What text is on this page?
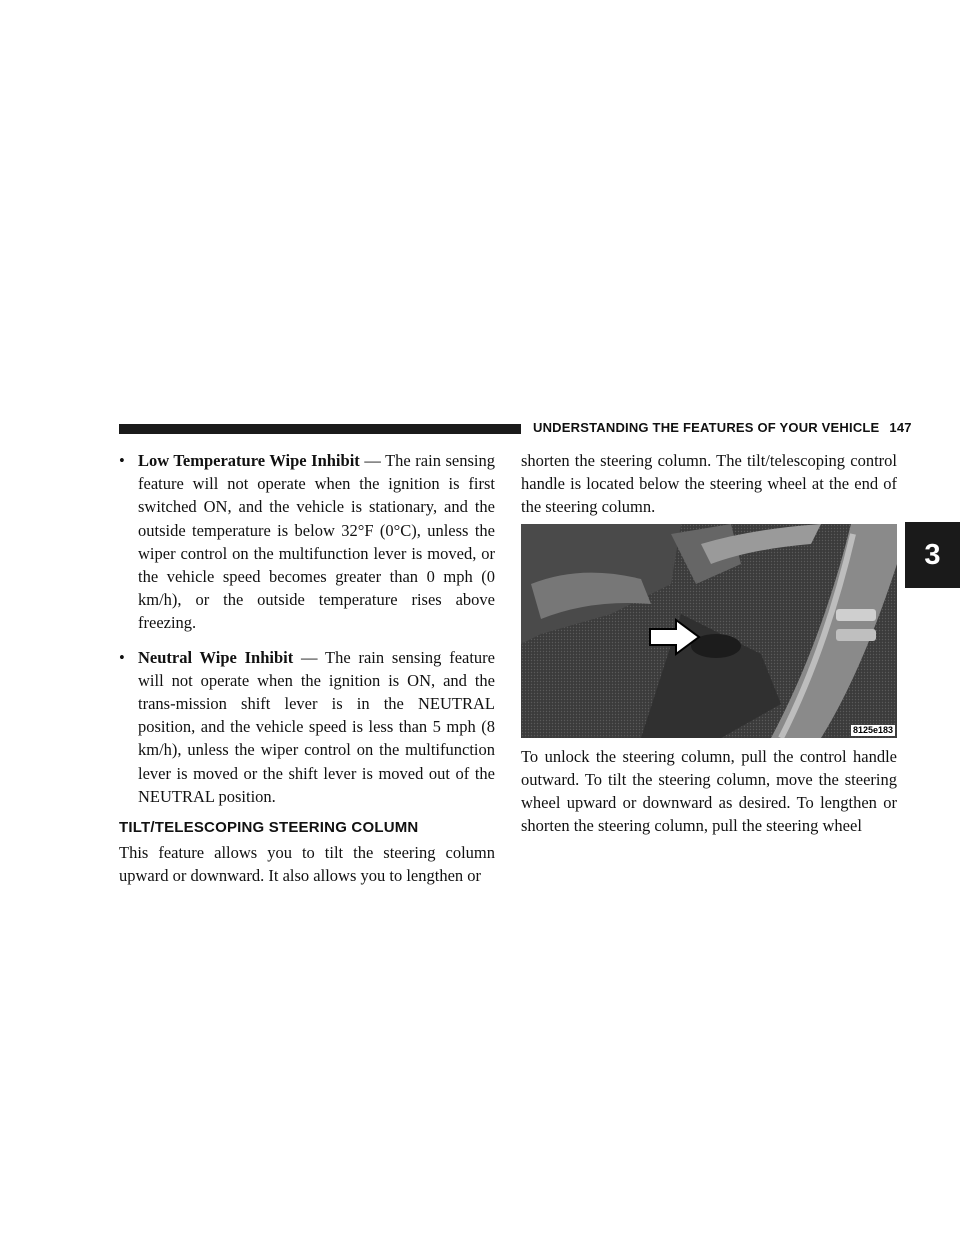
UNDERSTANDING THE FEATURES OF YOUR VEHICLE 147
3

• Low Temperature Wipe Inhibit — The rain sensing feature will not operate when the ignition is first switched ON, and the vehicle is stationary, and the outside temperature is below 32°F (0°C), unless the wiper control on the multifunction lever is moved, or the vehicle speed becomes greater than 0 mph (0 km/h), or the outside temperature rises above freezing.

• Neutral Wipe Inhibit — The rain sensing feature will not operate when the ignition is ON, and the trans-mission shift lever is in the NEUTRAL position, and the vehicle speed is less than 5 mph (8 km/h), unless the wiper control on the multifunction lever is moved or the shift lever is moved out of the NEUTRAL position.

TILT/TELESCOPING STEERING COLUMN

This feature allows you to tilt the steering column upward or downward. It also allows you to lengthen or

shorten the steering column. The tilt/telescoping control handle is located below the steering wheel at the end of the steering column.

8125e183

To unlock the steering column, pull the control handle outward. To tilt the steering column, move the steering wheel upward or downward as desired. To lengthen or shorten the steering column, pull the steering wheel
